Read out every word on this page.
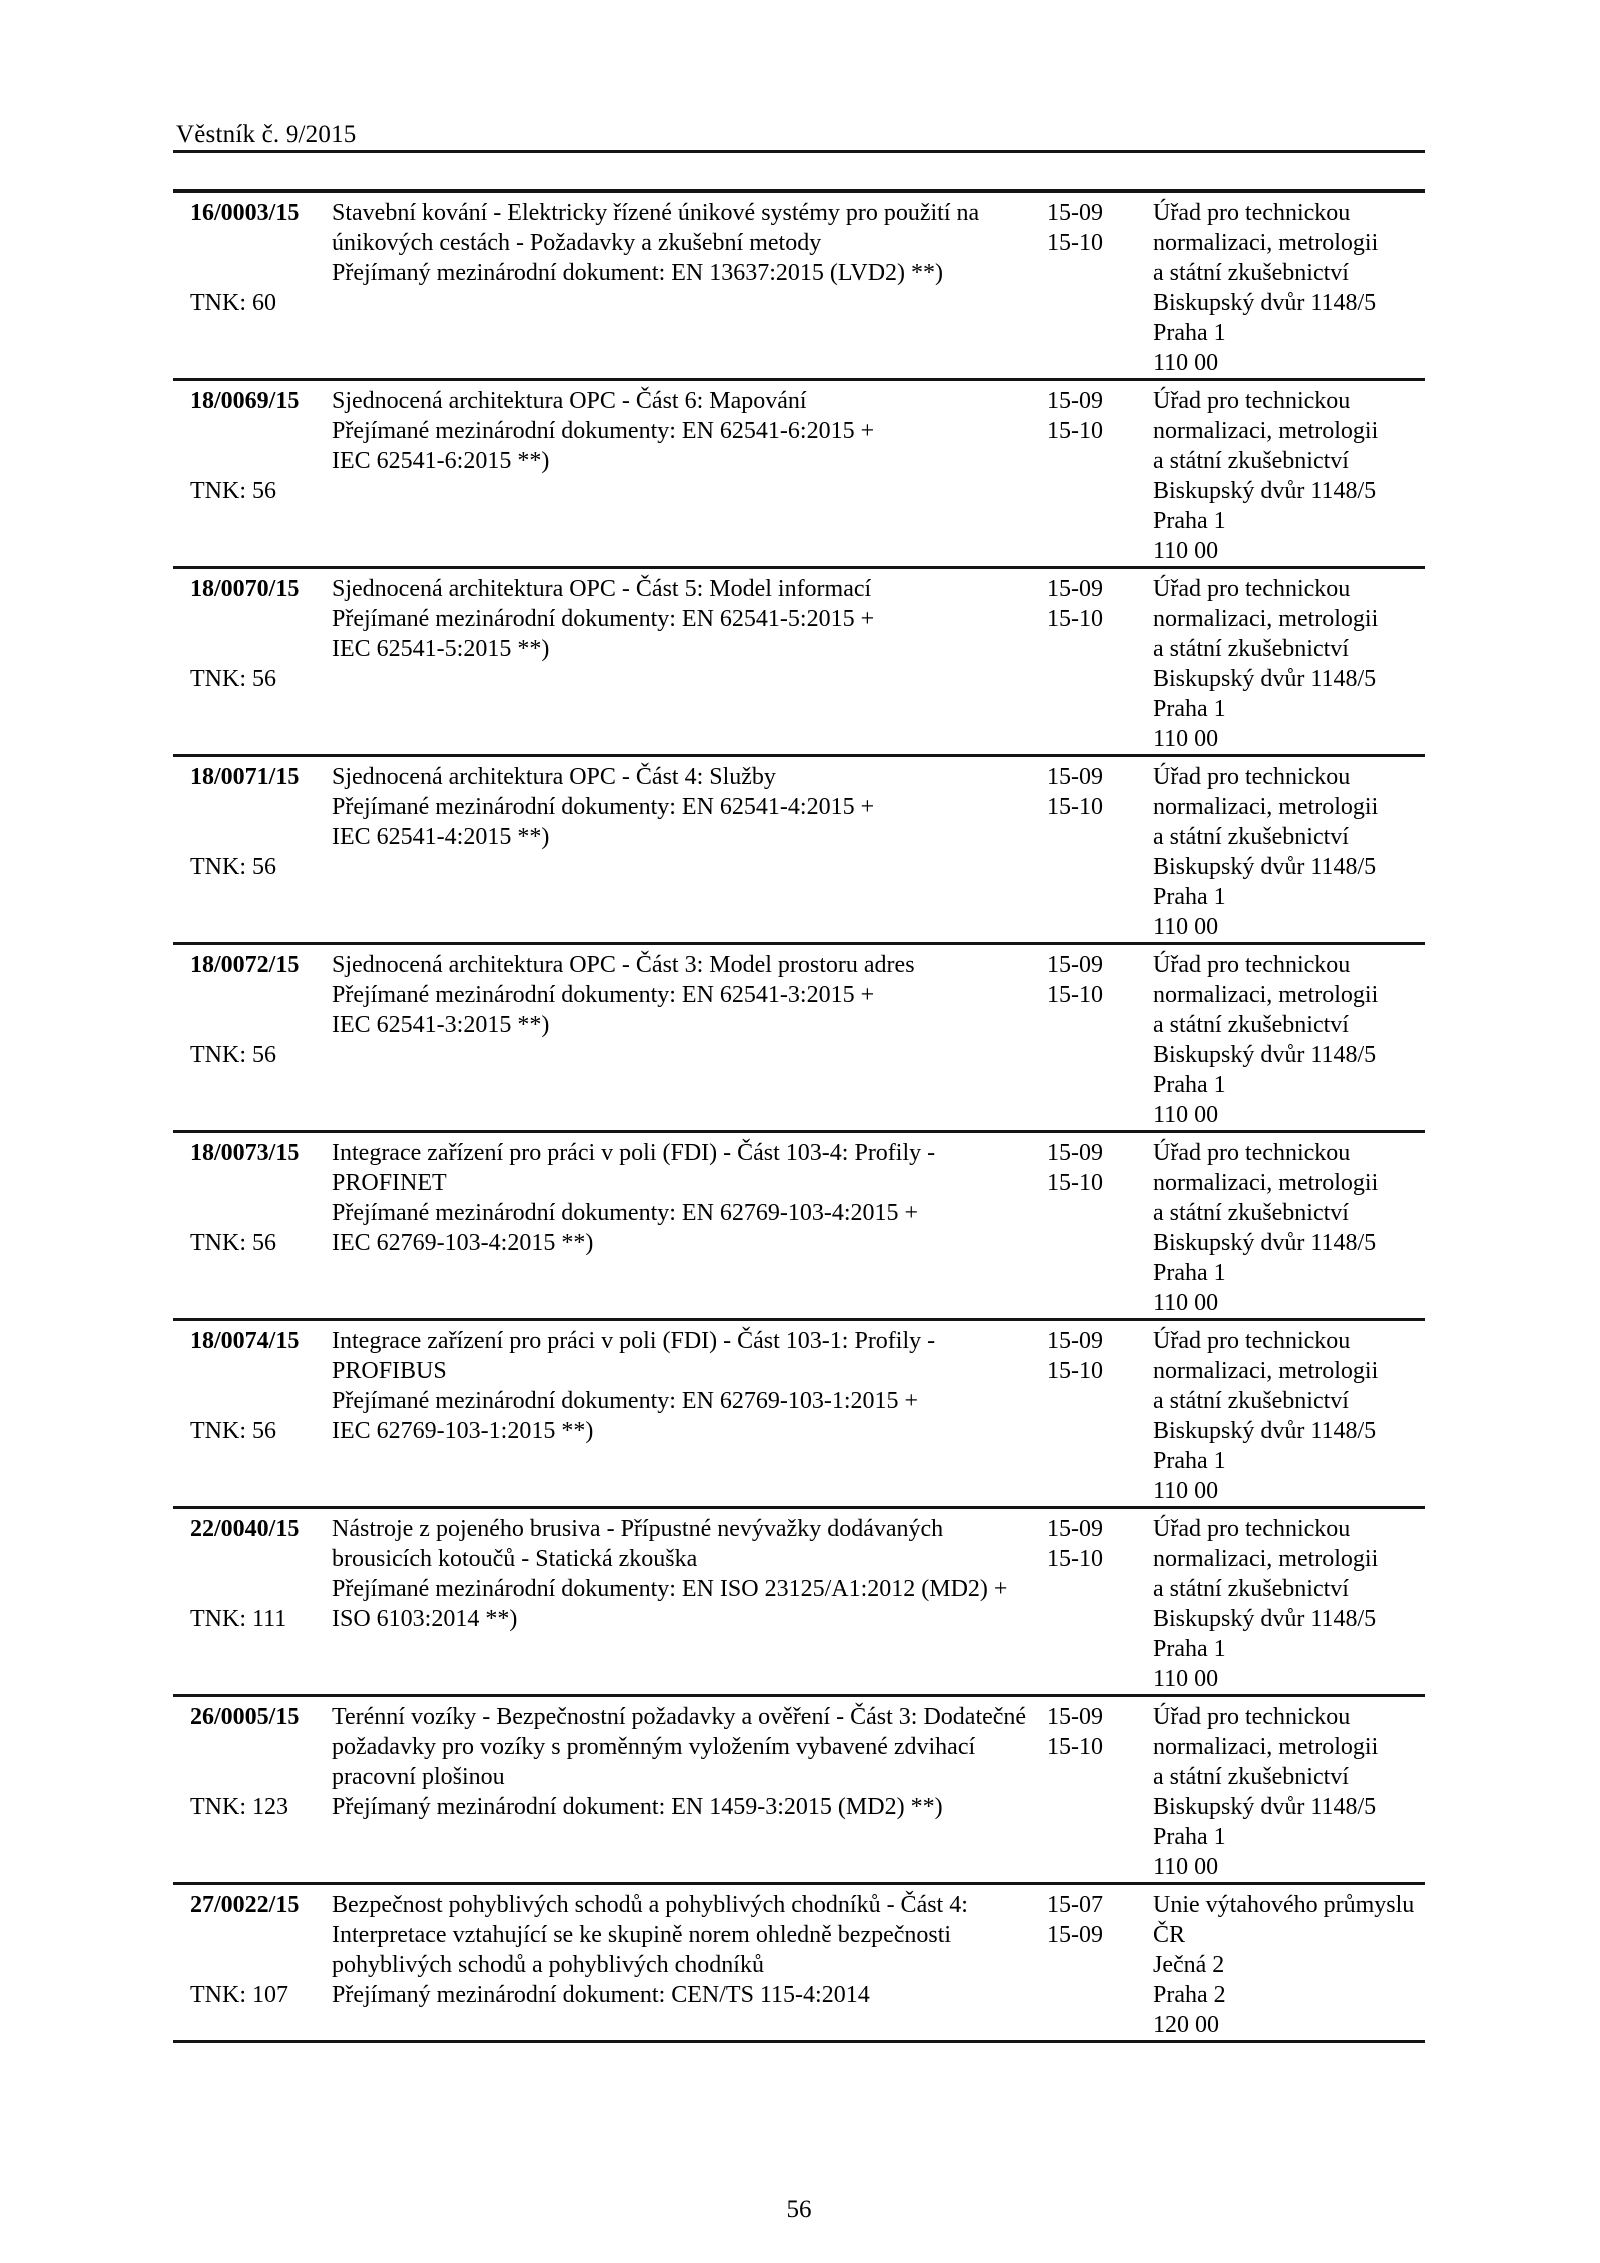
Věstník č. 9/2015
16/0003/15
TNK: 60
Stavební kování - Elektricky řízené únikové systémy pro použití na
únikových cestách - Požadavky a zkušební metody
Přejímaný mezinárodní dokument: EN 13637:2015 (LVD2) **)
15-09
15-10
Úřad pro technickou
normalizaci, metrologii
a státní zkušebnictví
Biskupský dvůr 1148/5
Praha 1
110 00
18/0069/15
TNK: 56
Sjednocená architektura OPC - Část 6: Mapování
Přejímané mezinárodní dokumenty: EN 62541-6:2015 +
IEC 62541-6:2015 **)
15-09
15-10
Úřad pro technickou
normalizaci, metrologii
a státní zkušebnictví
Biskupský dvůr 1148/5
Praha 1
110 00
18/0070/15
TNK: 56
Sjednocená architektura OPC - Část 5: Model informací
Přejímané mezinárodní dokumenty: EN 62541-5:2015 +
IEC 62541-5:2015 **)
15-09
15-10
Úřad pro technickou
normalizaci, metrologii
a státní zkušebnictví
Biskupský dvůr 1148/5
Praha 1
110 00
18/0071/15
TNK: 56
Sjednocená architektura OPC - Část 4: Služby
Přejímané mezinárodní dokumenty: EN 62541-4:2015 +
IEC 62541-4:2015 **)
15-09
15-10
Úřad pro technickou
normalizaci, metrologii
a státní zkušebnictví
Biskupský dvůr 1148/5
Praha 1
110 00
18/0072/15
TNK: 56
Sjednocená architektura OPC - Část 3: Model prostoru adres
Přejímané mezinárodní dokumenty: EN 62541-3:2015 +
IEC 62541-3:2015 **)
15-09
15-10
Úřad pro technickou
normalizaci, metrologii
a státní zkušebnictví
Biskupský dvůr 1148/5
Praha 1
110 00
18/0073/15
TNK: 56
Integrace zařízení pro práci v poli (FDI) - Část 103-4: Profily -
PROFINET
Přejímané mezinárodní dokumenty: EN 62769-103-4:2015 +
IEC 62769-103-4:2015 **)
15-09
15-10
Úřad pro technickou
normalizaci, metrologii
a státní zkušebnictví
Biskupský dvůr 1148/5
Praha 1
110 00
18/0074/15
TNK: 56
Integrace zařízení pro práci v poli (FDI) - Část 103-1: Profily -
PROFIBUS
Přejímané mezinárodní dokumenty: EN 62769-103-1:2015 +
IEC 62769-103-1:2015 **)
15-09
15-10
Úřad pro technickou
normalizaci, metrologii
a státní zkušebnictví
Biskupský dvůr 1148/5
Praha 1
110 00
22/0040/15
TNK: 111
Nástroje z pojeného brusiva - Přípustné nevývažky dodávaných
brousicích kotoučů - Statická zkouška
Přejímané mezinárodní dokumenty: EN ISO 23125/A1:2012 (MD2) +
ISO 6103:2014 **)
15-09
15-10
Úřad pro technickou
normalizaci, metrologii
a státní zkušebnictví
Biskupský dvůr 1148/5
Praha 1
110 00
26/0005/15
TNK: 123
Terénní vozíky - Bezpečnostní požadavky a ověření - Část 3: Dodatečné
požadavky pro vozíky s proměnným vyložením vybavené zdvihací
pracovní plošinou
Přejímaný mezinárodní dokument: EN 1459-3:2015 (MD2) **)
15-09
15-10
Úřad pro technickou
normalizaci, metrologii
a státní zkušebnictví
Biskupský dvůr 1148/5
Praha 1
110 00
27/0022/15
TNK: 107
Bezpečnost pohyblivých schodů a pohyblivých chodníků - Část 4:
Interpretace vztahující se ke skupině norem ohledně bezpečnosti
pohyblivých schodů a pohyblivých chodníků
Přejímaný mezinárodní dokument: CEN/TS 115-4:2014
15-07
15-09
Unie výtahového průmyslu
ČR
Ječná 2
Praha 2
120 00
56
